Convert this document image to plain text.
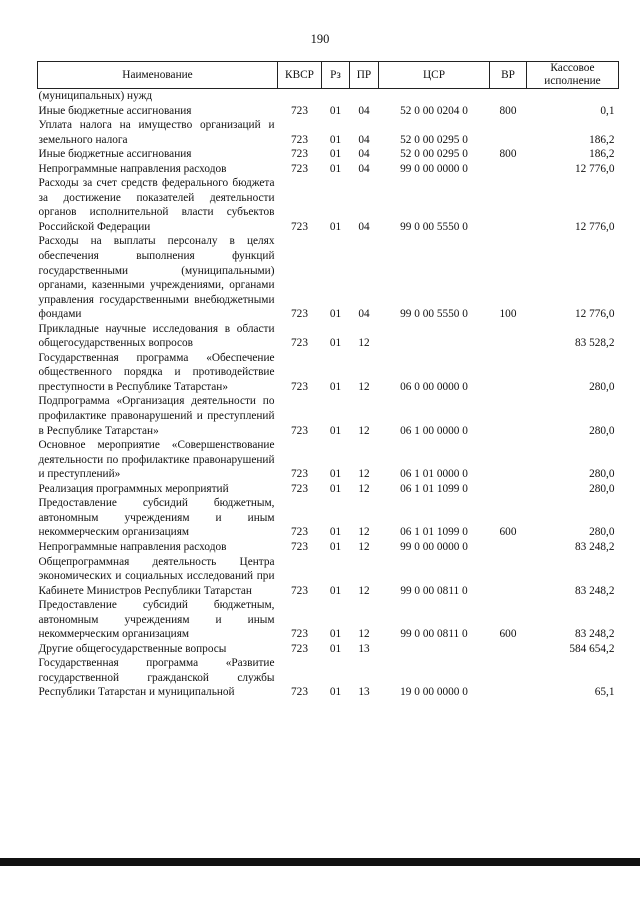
190
Наименование	КВСР	Рз	ПР	ЦСР	ВР	Кассовое исполнение
(муниципальных) нужд						
Иные бюджетные ассигнования	723	01	04	52 0 00 0204 0	800	0,1
Уплата налога на имущество организаций и земельного налога	723	01	04	52 0 00 0295 0		186,2
Иные бюджетные ассигнования	723	01	04	52 0 00 0295 0	800	186,2
Непрограммные направления расходов	723	01	04	99 0 00 0000 0		12 776,0
Расходы за счет средств федерального бюджета за достижение показателей деятельности органов исполнительной власти субъектов Российской Федерации	723	01	04	99 0 00 5550 0		12 776,0
Расходы на выплаты персоналу в целях обеспечения выполнения функций государственными (муниципальными) органами, казенными учреждениями, органами управления государственными внебюджетными фондами	723	01	04	99 0 00 5550 0	100	12 776,0
Прикладные научные исследования в области общегосударственных вопросов	723	01	12			83 528,2
Государственная программа «Обеспечение общественного порядка и противодействие преступности в Республике Татарстан»	723	01	12	06 0 00 0000 0		280,0
Подпрограмма «Организация деятельности по профилактике правонарушений и преступлений в Республике Татарстан»	723	01	12	06 1 00 0000 0		280,0
Основное мероприятие «Совершенствование деятельности по профилактике правонарушений и преступлений»	723	01	12	06 1 01 0000 0		280,0
Реализация программных мероприятий	723	01	12	06 1 01 1099 0		280,0
Предоставление субсидий бюджетным, автономным учреждениям и иным некоммерческим организациям	723	01	12	06 1 01 1099 0	600	280,0
Непрограммные направления расходов	723	01	12	99 0 00 0000 0		83 248,2
Общепрограммная деятельность Центра экономических и социальных исследований при Кабинете Министров Республики Татарстан	723	01	12	99 0 00 0811 0		83 248,2
Предоставление субсидий бюджетным, автономным учреждениям и иным некоммерческим организациям	723	01	12	99 0 00 0811 0	600	83 248,2
Другие общегосударственные вопросы	723	01	13			584 654,2
Государственная программа «Развитие государственной гражданской службы Республики Татарстан и муниципальной	723	01	13	19 0 00 0000 0		65,1
